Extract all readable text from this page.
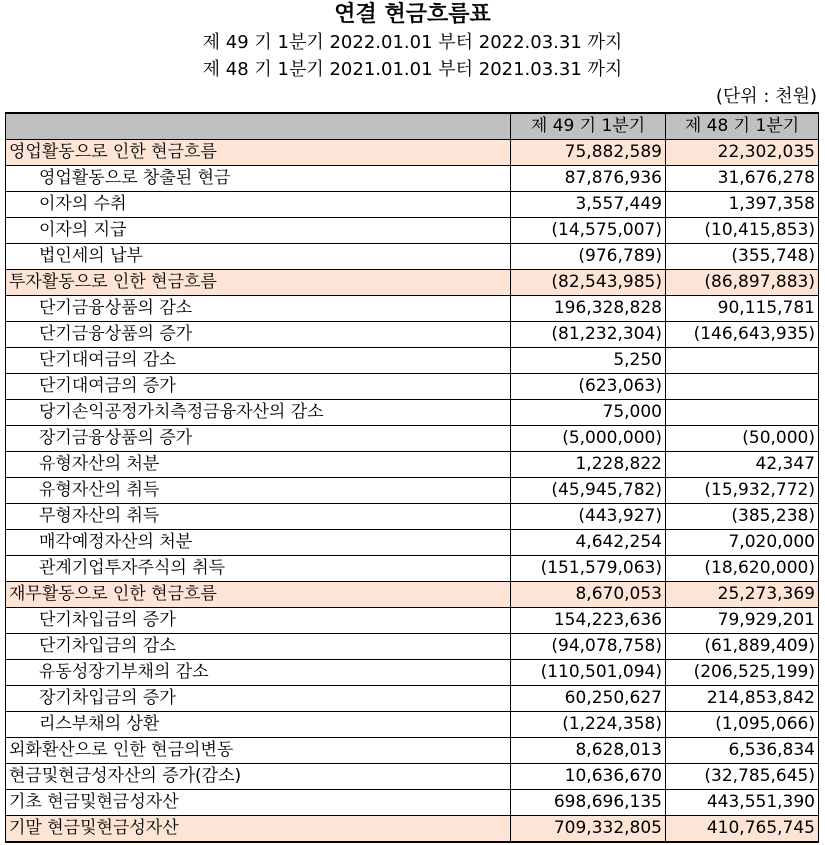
연결 현금흐름표
제 49 기 1분기 2022.01.01 부터 2022.03.31 까지
제 48 기 1분기 2021.01.01 부터 2021.03.31 까지
(단위 : 천원)
	제 49 기 1분기	제 48 기 1분기
영업활동으로 인한 현금흐름	75,882,589	22,302,035
영업활동으로 창출된 현금	87,876,936	31,676,278
이자의 수취	3,557,449	1,397,358
이자의 지급	(14,575,007)	(10,415,853)
법인세의 납부	(976,789)	(355,748)
투자활동으로 인한 현금흐름	(82,543,985)	(86,897,883)
단기금융상품의 감소	196,328,828	90,115,781
단기금융상품의 증가	(81,232,304)	(146,643,935)
단기대여금의 감소	5,250	
단기대여금의 증가	(623,063)	
당기손익공정가치측정금융자산의 감소	75,000	
장기금융상품의 증가	(5,000,000)	(50,000)
유형자산의 처분	1,228,822	42,347
유형자산의 취득	(45,945,782)	(15,932,772)
무형자산의 취득	(443,927)	(385,238)
매각예정자산의 처분	4,642,254	7,020,000
관계기업투자주식의 취득	(151,579,063)	(18,620,000)
재무활동으로 인한 현금흐름	8,670,053	25,273,369
단기차입금의 증가	154,223,636	79,929,201
단기차입금의 감소	(94,078,758)	(61,889,409)
유동성장기부채의 감소	(110,501,094)	(206,525,199)
장기차입금의 증가	60,250,627	214,853,842
리스부채의 상환	(1,224,358)	(1,095,066)
외화환산으로 인한 현금의변동	8,628,013	6,536,834
현금및현금성자산의 증가(감소)	10,636,670	(32,785,645)
기초 현금및현금성자산	698,696,135	443,551,390
기말 현금및현금성자산	709,332,805	410,765,745
